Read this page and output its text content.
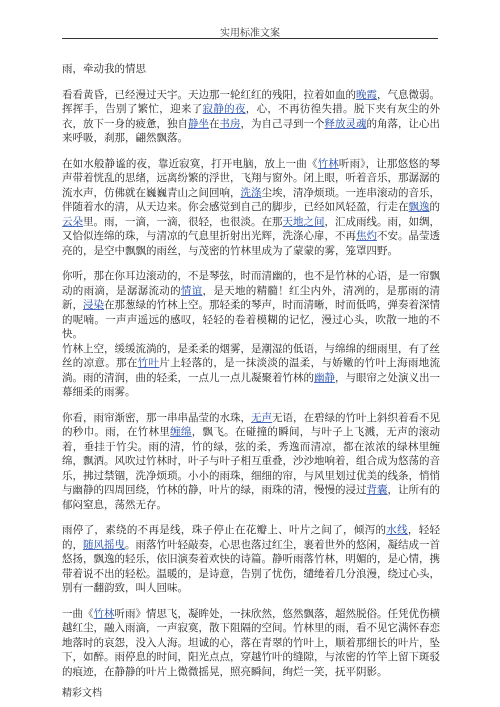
实用标准文案

雨，牵动我的情思

看看黄昏，已经漫过天宇。天边那一轮红红的残阳，拉着如血的晚霞，气息微弱。挥挥手，告别了繁忙，迎来了寂静的夜，心，不再彷徨失措。脱下夹有灰尘的外衣，放下一身的疲惫，独自静坐在书房，为自己寻到一个释放灵魂的角落，让心出来呼吸，刹那，翩然飘落。

在如水般静谧的夜，靠近寂寞，打开电脑，放上一曲《竹林听雨》，让那悠悠的琴声带着恍乱的思绪，远离纷繁的浮世，飞翔与窗外。闭上眼，听着音乐，那潺潺的流水声，仿佛就在巍巍青山之间回响，洗涤尘埃，清净烦琐。一连串滚动的音乐，伴随着水的清，从天边来。你会感觉到自己的脚步，已经如风轻盈，行走在飘逸的云朵里。雨，一滴，一滴，很轻，也很淡。在那天地之间，汇成雨线。雨，如绸，又恰似连绵的珠，与清凉的气息里折射出光辉，洗涤心扉，不再焦灼不安。晶莹透亮的，是空中飘飘的雨丝，与茂密的竹林里成为了蒙蒙的雾，笼罩四野。

你听，那在你耳边滚动的，不是琴弦，时而清幽的，也不是竹林的心语，是一帘飘动的雨滴，是潺潺流动的情谊，是天地的精髓！红尘内外，清冽的，是那雨的清新，浸染在那葱绿的竹林上空。那轻柔的琴声，时而清晰，时而低鸣，弹奏着深情的呢喃。一声声遥远的感叹，轻轻的卷着模糊的记忆，漫过心头，吹散一地的不快。

竹林上空，缓缓流淌的，是柔柔的烟雾，是潮湿的低语，与绵绵的细雨里，有了丝丝的凉意。那在竹叶片上轻落的，是一抹淡淡的温柔，与娇嫩的竹叶上海雨地流淌。雨的清润，曲的轻柔，一点儿一点儿凝聚着竹林的幽静，与眼帘之处演义出一幕细柔的雨雾。

你看，雨帘渐密，那一串串晶莹的水珠，无声无语，在碧绿的竹叶上斜织着看不见的秒巾。雨，在竹林里缠绵，飘飞。在碰撞的瞬间，与叶子上飞溅，无声的滚动着，垂挂于竹尖。雨的清，竹的绿，弦的柔，秀逸而清凉，都在浓浓的绿林里缠绵，飘洒。风吹过竹林时，叶子与叶子相互重叠，沙沙地响着，组合成为悠荡的音乐，拂过禁锢，洗净烦琐。小小的雨珠，细细的帘，与风里划过优美的线条，悄悄与幽静的四周回绕，竹林的静，叶片的绿，雨珠的清，慢慢的浸过背囊，让所有的郁闷窒息，荡然无存。

雨停了，素绕的不再是线，珠子停止在花瓣上、叶片之间了，倾泻的水线，轻轻的，随风摇曳。雨落竹叶轻敲奏，心思也落过红尘，裹着世外的悠闲，凝结成一首悠扬，飘逸的轻乐，依旧演奏着欢快的诗篇。静听雨落竹林，明媚的，是心情，携带着说不出的轻松。温暖的，是诗意，告别了忧伤，缱绻着几分浪漫，绕过心头，别有一翻韵致，叫人回味。

一曲《竹林听雨》情思飞，凝眸处，一抹欣然，悠然飘落，超然脱俗。任凭优伤横越红尘，融入雨滴，一声寂寞，散下阻隔的空间。竹林里的雨，看不见它满怀春恋地落时的哀怨，没入人海。坦诚的心，落在青翠的竹叶上，顺着那细长的叶片，坠下，如醉。雨停息的时间，阳光点点，穿越竹叶的缝隙，与浓密的竹竿上留下斑驳的痕迹，在静静的叶片上微微摇晃，照亮瞬间，绚烂一笑，抚平阴影。

精彩文档
